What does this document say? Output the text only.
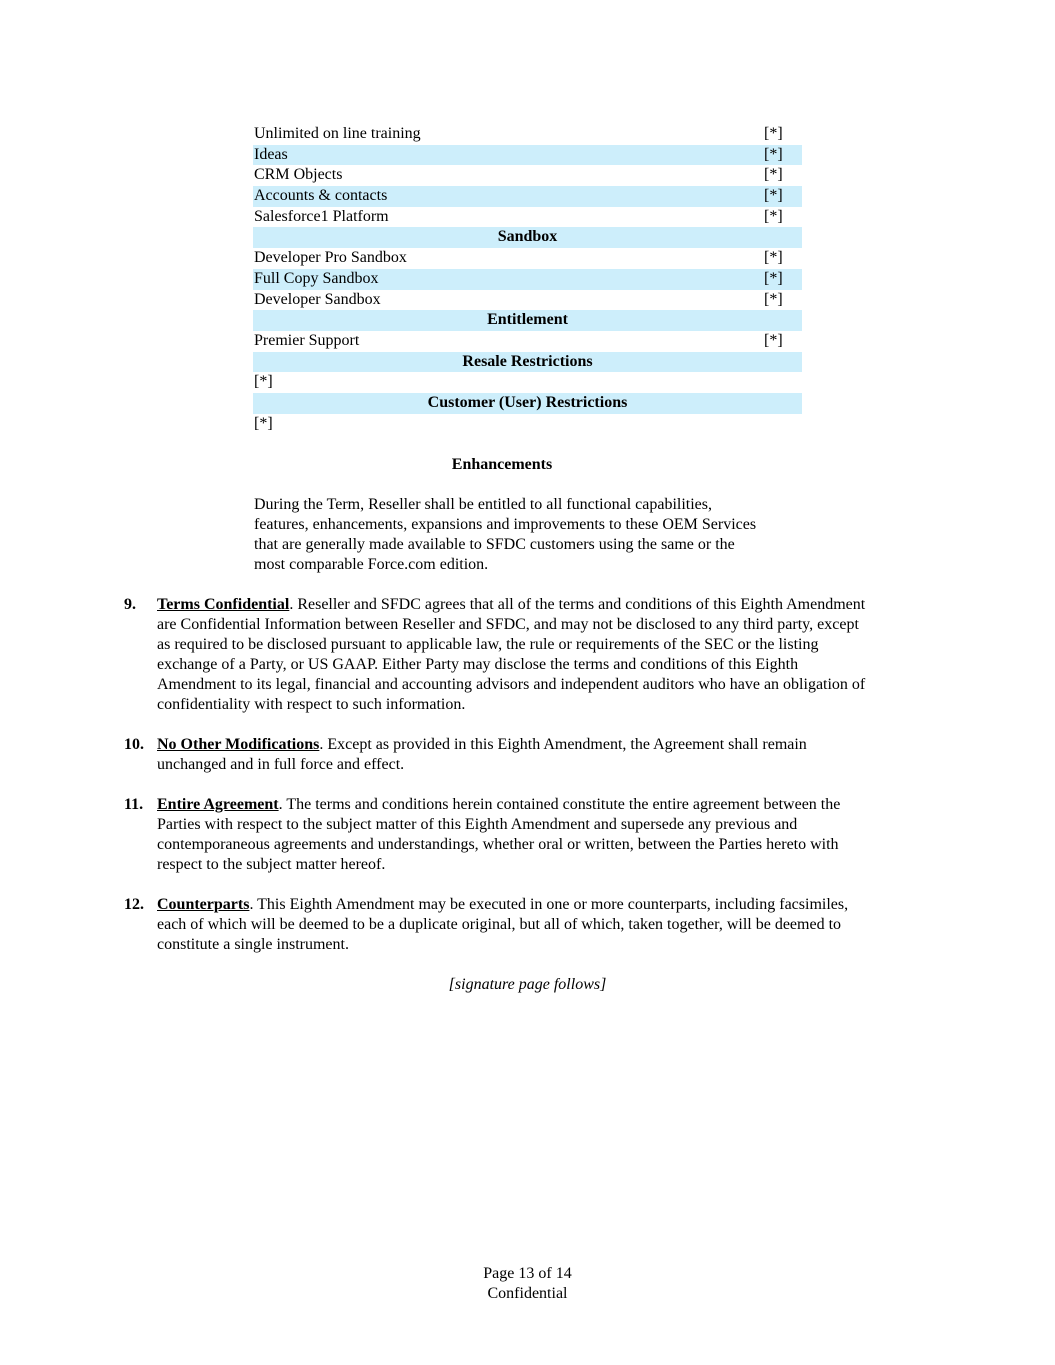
Unlimited on line training	[*]
Ideas	[*]
CRM Objects	[*]
Accounts & contacts	[*]
Salesforce1 Platform	[*]
Sandbox
Developer Pro Sandbox	[*]
Full Copy Sandbox	[*]
Developer Sandbox	[*]
Entitlement
Premier Support	[*]
Resale Restrictions
[*]
Customer (User) Restrictions
[*]
Enhancements
During the Term, Reseller shall be entitled to all functional capabilities,
features, enhancements, expansions and improvements to these OEM Services
that are generally made available to SFDC customers using the same or the
most comparable Force.com edition.
9. Terms Confidential. Reseller and SFDC agrees that all of the terms and conditions of this Eighth Amendment
are Confidential Information between Reseller and SFDC, and may not be disclosed to any third party, except
as required to be disclosed pursuant to applicable law, the rule or requirements of the SEC or the listing
exchange of a Party, or US GAAP. Either Party may disclose the terms and conditions of this Eighth
Amendment to its legal, financial and accounting advisors and independent auditors who have an obligation of
confidentiality with respect to such information.
10. No Other Modifications. Except as provided in this Eighth Amendment, the Agreement shall remain
unchanged and in full force and effect.
11. Entire Agreement. The terms and conditions herein contained constitute the entire agreement between the
Parties with respect to the subject matter of this Eighth Amendment and supersede any previous and
contemporaneous agreements and understandings, whether oral or written, between the Parties hereto with
respect to the subject matter hereof.
12. Counterparts. This Eighth Amendment may be executed in one or more counterparts, including facsimiles,
each of which will be deemed to be a duplicate original, but all of which, taken together, will be deemed to
constitute a single instrument.
[signature page follows]
Page 13 of 14
Confidential
